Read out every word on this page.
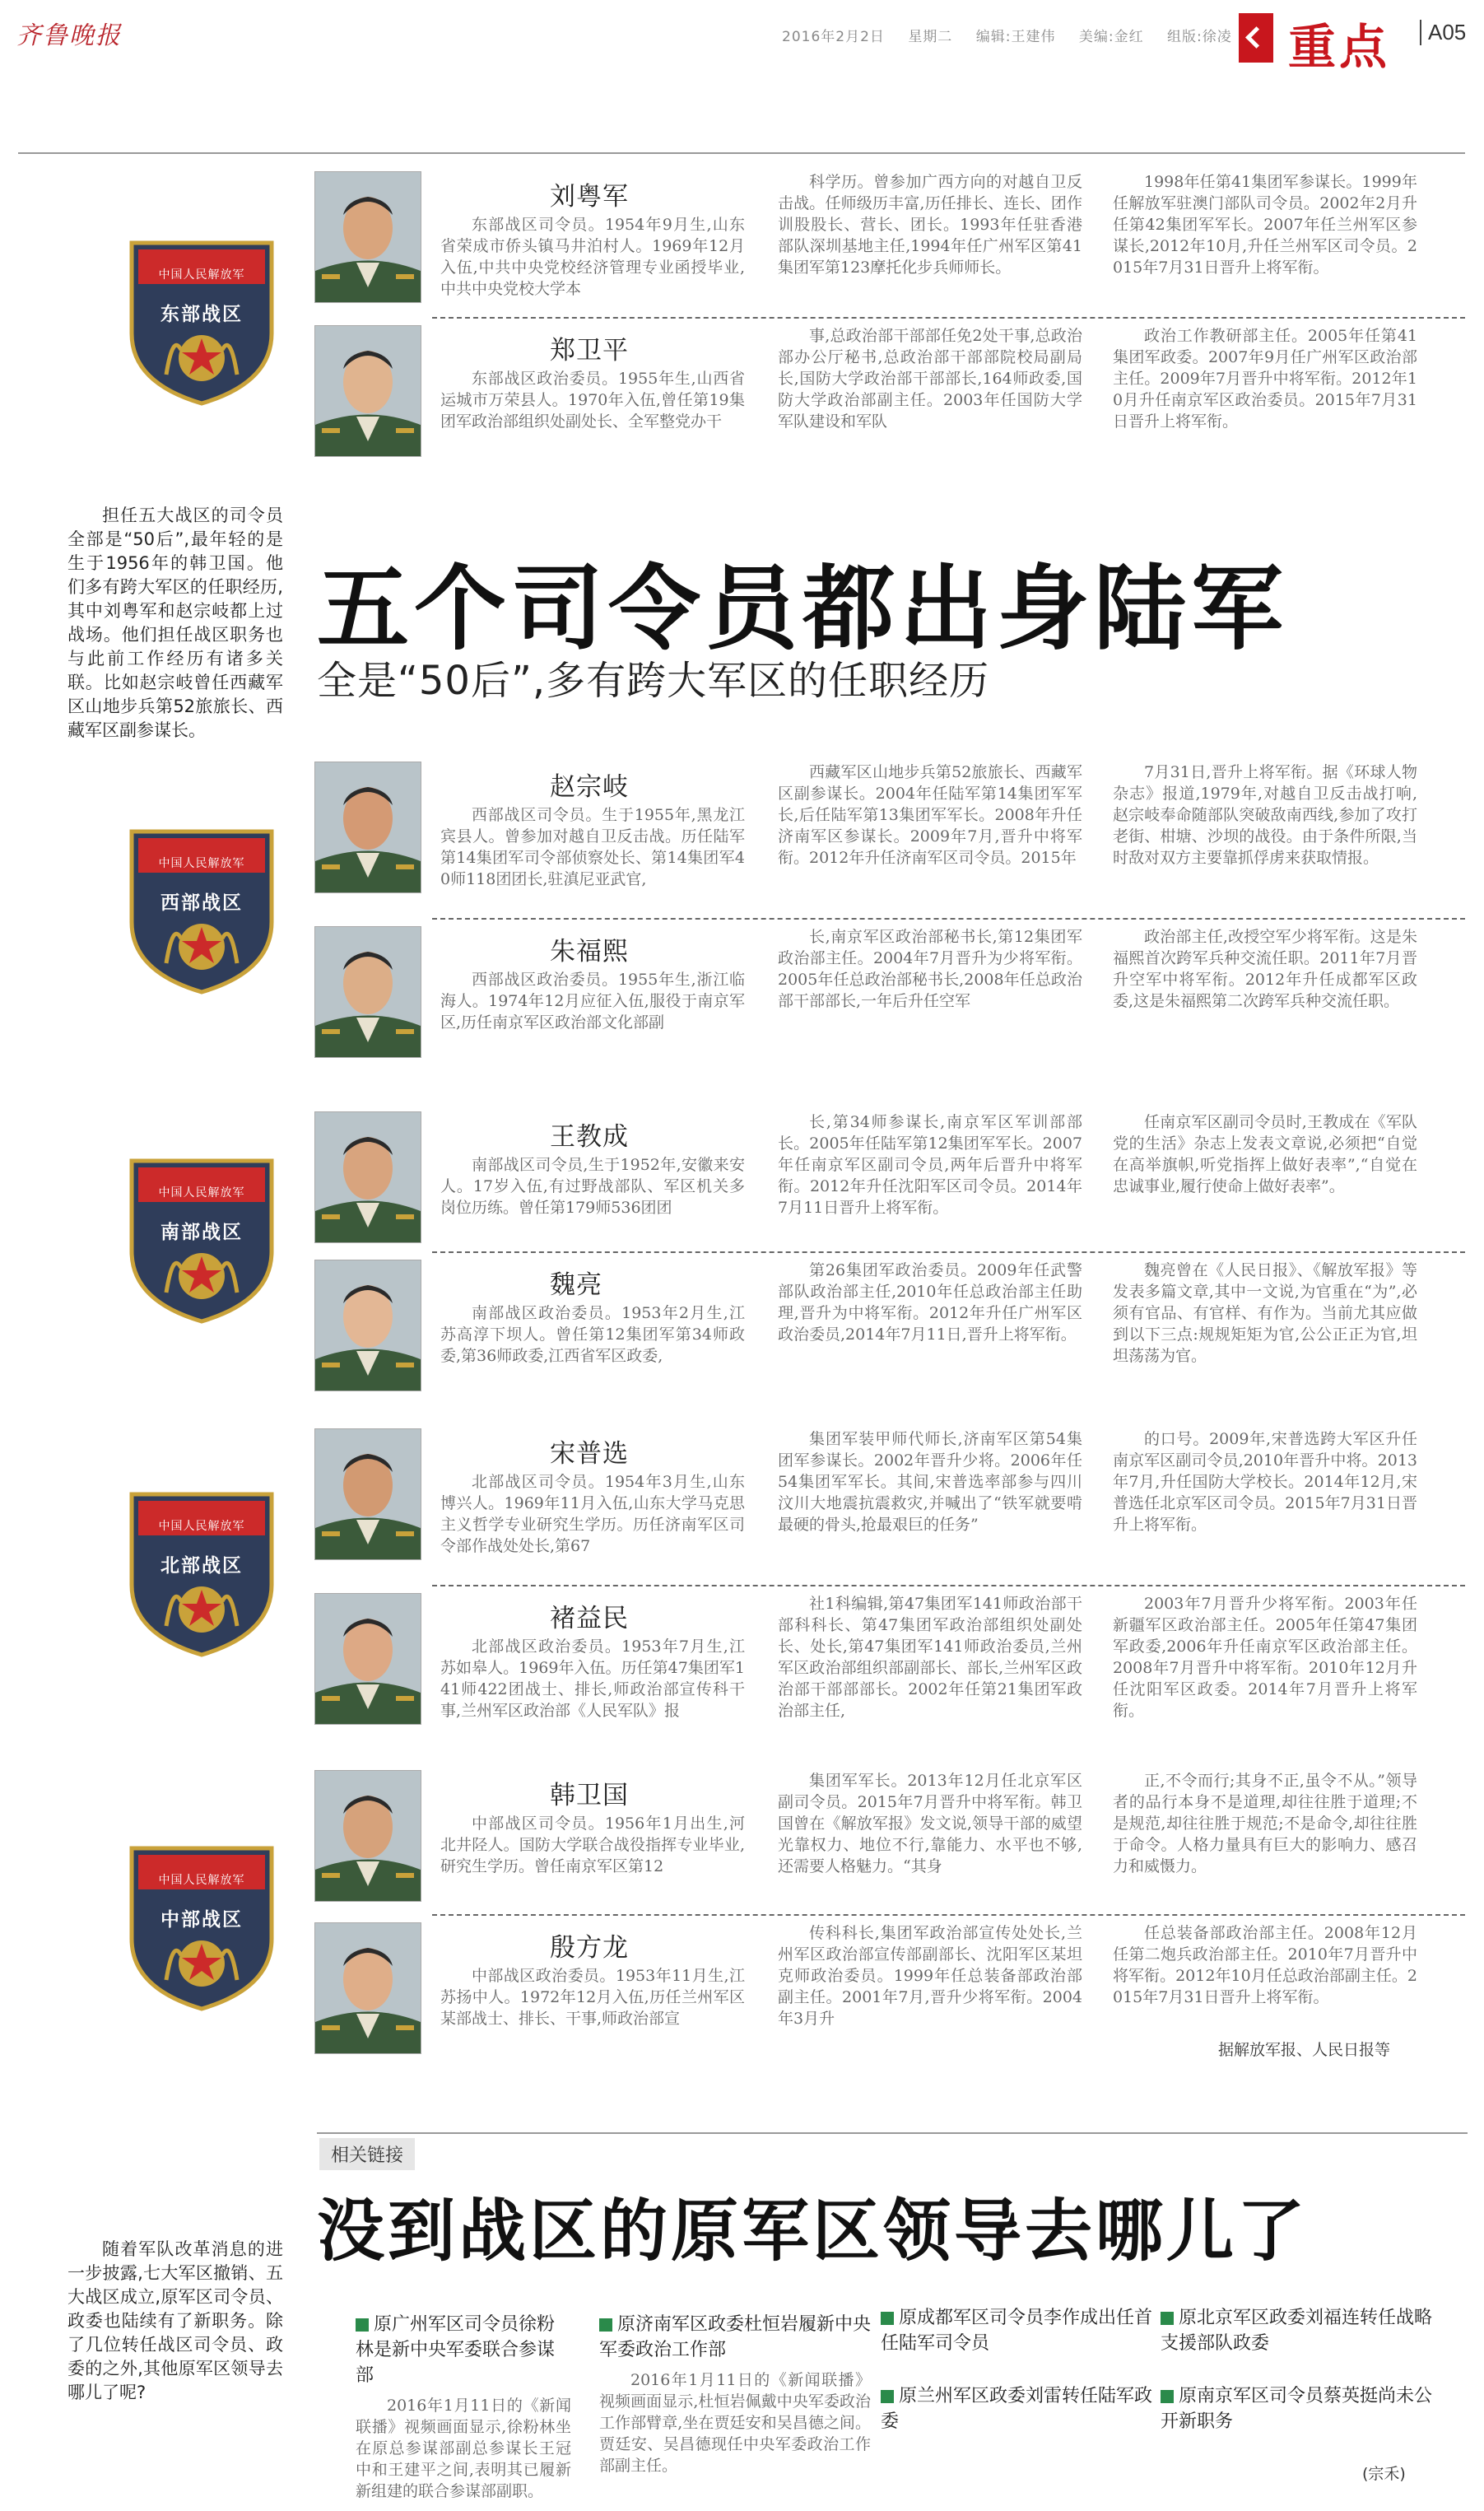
齐鲁晚报	2016年2月2日 星期二 编辑:王建伟 美编:金红 组版:徐凌	重点	A05
担任五大战区的司令员全部是“50后”,最年轻的是生于1956年的韩卫国。他们多有跨大军区的任职经历,其中刘粤军和赵宗岐都上过战场。他们担任战区职务也与此前工作经历有诸多关联。比如赵宗岐曾任西藏军区山地步兵第52旅旅长、西藏军区副参谋长。
五个司令员都出身陆军
全是“50后”,多有跨大军区的任职经历
中国人民解放军
东部战区
中国人民解放军
西部战区
中国人民解放军
南部战区
中国人民解放军
北部战区
中国人民解放军
中部战区
刘粤军
东部战区司令员。1954年9月生,山东省荣成市侨头镇马井泊村人。1969年12月入伍,中共中央党校经济管理专业函授毕业,中共中央党校大学本

科学历。曾参加广西方向的对越自卫反击战。任师级历丰富,历任排长、连长、团作训股股长、营长、团长。1993年任驻香港部队深圳基地主任,1994年任广州军区第41集团军第123摩托化步兵师师长。

1998年任第41集团军参谋长。1999年任解放军驻澳门部队司令员。2002年2月升任第42集团军军长。2007年任兰州军区参谋长,2012年10月,升任兰州军区司令员。2015年7月31日晋升上将军衔。

郑卫平
东部战区政治委员。1955年生,山西省运城市万荣县人。1970年入伍,曾任第19集团军政治部组织处副处长、全军整党办干

事,总政治部干部部任免2处干事,总政治部办公厅秘书,总政治部干部部院校局副局长,国防大学政治部干部部长,164师政委,国防大学政治部副主任。2003年任国防大学军队建设和军队

政治工作教研部主任。2005年任第41集团军政委。2007年9月任广州军区政治部主任。2009年7月晋升中将军衔。2012年10月升任南京军区政治委员。2015年7月31日晋升上将军衔。

赵宗岐
西部战区司令员。生于1955年,黑龙江宾县人。曾参加对越自卫反击战。历任陆军第14集团军司令部侦察处长、第14集团军40师118团团长,驻滇尼亚武官,

西藏军区山地步兵第52旅旅长、西藏军区副参谋长。2004年任陆军第14集团军军长,后任陆军第13集团军军长。2008年升任济南军区参谋长。2009年7月,晋升中将军衔。2012年升任济南军区司令员。2015年

7月31日,晋升上将军衔。据《环球人物杂志》报道,1979年,对越自卫反击战打响,赵宗岐奉命随部队突破敌南西线,参加了攻打老街、柑塘、沙坝的战役。由于条件所限,当时敌对双方主要靠抓俘虏来获取情报。

朱福熙
西部战区政治委员。1955年生,浙江临海人。1974年12月应征入伍,服役于南京军区,历任南京军区政治部文化部副

长,南京军区政治部秘书长,第12集团军政治部主任。2004年7月晋升为少将军衔。2005年任总政治部秘书长,2008年任总政治部干部部长,一年后升任空军

政治部主任,改授空军少将军衔。这是朱福熙首次跨军兵种交流任职。2011年7月晋升空军中将军衔。2012年升任成都军区政委,这是朱福熙第二次跨军兵种交流任职。

王教成
南部战区司令员,生于1952年,安徽来安人。17岁入伍,有过野战部队、军区机关多岗位历练。曾任第179师536团团

长,第34师参谋长,南京军区军训部部长。2005年任陆军第12集团军军长。2007年任南京军区副司令员,两年后晋升中将军衔。2012年升任沈阳军区司令员。2014年7月11日晋升上将军衔。

任南京军区副司令员时,王教成在《军队党的生活》杂志上发表文章说,必须把“自觉在高举旗帜,听党指挥上做好表率”,“自觉在忠诚事业,履行使命上做好表率”。

魏亮
南部战区政治委员。1953年2月生,江苏高淳下坝人。曾任第12集团军第34师政委,第36师政委,江西省军区政委,

第26集团军政治委员。2009年任武警部队政治部主任,2010年任总政治部主任助理,晋升为中将军衔。2012年升任广州军区政治委员,2014年7月11日,晋升上将军衔。

魏亮曾在《人民日报》、《解放军报》等发表多篇文章,其中一文说,为官重在“为”,必须有官品、有官样、有作为。当前尤其应做到以下三点:规规矩矩为官,公公正正为官,坦坦荡荡为官。

宋普选
北部战区司令员。1954年3月生,山东博兴人。1969年11月入伍,山东大学马克思主义哲学专业研究生学历。历任济南军区司令部作战处处长,第67

集团军装甲师代师长,济南军区第54集团军参谋长。2002年晋升少将。2006年任54集团军军长。其间,宋普选率部参与四川汶川大地震抗震救灾,并喊出了“铁军就要啃最硬的骨头,抢最艰巨的任务”

的口号。2009年,宋普选跨大军区升任南京军区副司令员,2010年晋升中将。2013年7月,升任国防大学校长。2014年12月,宋普选任北京军区司令员。2015年7月31日晋升上将军衔。

褚益民
北部战区政治委员。1953年7月生,江苏如皋人。1969年入伍。历任第47集团军141师422团战士、排长,师政治部宣传科干事,兰州军区政治部《人民军队》报

社1科编辑,第47集团军141师政治部干部科科长、第47集团军政治部组织处副处长、处长,第47集团军141师政治委员,兰州军区政治部组织部副部长、部长,兰州军区政治部干部部部长。2002年任第21集团军政治部主任,

2003年7月晋升少将军衔。2003年任新疆军区政治部主任。2005年任第47集团军政委,2006年升任南京军区政治部主任。2008年7月晋升中将军衔。2010年12月升任沈阳军区政委。2014年7月晋升上将军衔。

韩卫国
中部战区司令员。1956年1月出生,河北井陉人。国防大学联合战役指挥专业毕业,研究生学历。曾任南京军区第12

集团军军长。2013年12月任北京军区副司令员。2015年7月晋升中将军衔。韩卫国曾在《解放军报》发文说,领导干部的威望光靠权力、地位不行,靠能力、水平也不够,还需要人格魅力。“其身

正,不令而行;其身不正,虽令不从。”领导者的品行本身不是道理,却往往胜于道理;不是规范,却往往胜于规范;不是命令,却往往胜于命令。人格力量具有巨大的影响力、感召力和威慑力。

殷方龙
中部战区政治委员。1953年11月生,江苏扬中人。1972年12月入伍,历任兰州军区某部战士、排长、干事,师政治部宣

传科科长,集团军政治部宣传处处长,兰州军区政治部宣传部副部长、沈阳军区某坦克师政治委员。1999年任总装备部政治部副主任。2001年7月,晋升少将军衔。2004年3月升

任总装备部政治部主任。2008年12月任第二炮兵政治部主任。2010年7月晋升中将军衔。2012年10月任总政治部副主任。2015年7月31日晋升上将军衔。

据解放军报、人民日报等
相关链接
没到战区的原军区领导去哪儿了
随着军队改革消息的进一步披露,七大军区撤销、五大战区成立,原军区司令员、政委也陆续有了新职务。除了几位转任战区司令员、政委的之外,其他原军区领导去哪儿了呢?
原广州军区司令员徐粉林是新中央军委联合参谋部
2016年1月11日的《新闻联播》视频画面显示,徐粉林坐在原总参谋部副总参谋长王冠中和王建平之间,表明其已履新新组建的联合参谋部副职。
原济南军区政委杜恒岩履新中央军委政治工作部
2016年1月11日的《新闻联播》视频画面显示,杜恒岩佩戴中央军委政治工作部臂章,坐在贾廷安和吴昌德之间。贾廷安、吴昌德现任中央军委政治工作部副主任。
原成都军区司令员李作成出任首任陆军司令员
原兰州军区政委刘雷转任陆军政委
原北京军区政委刘福连转任战略支援部队政委
原南京军区司令员蔡英挺尚未公开新职务
(宗禾)
